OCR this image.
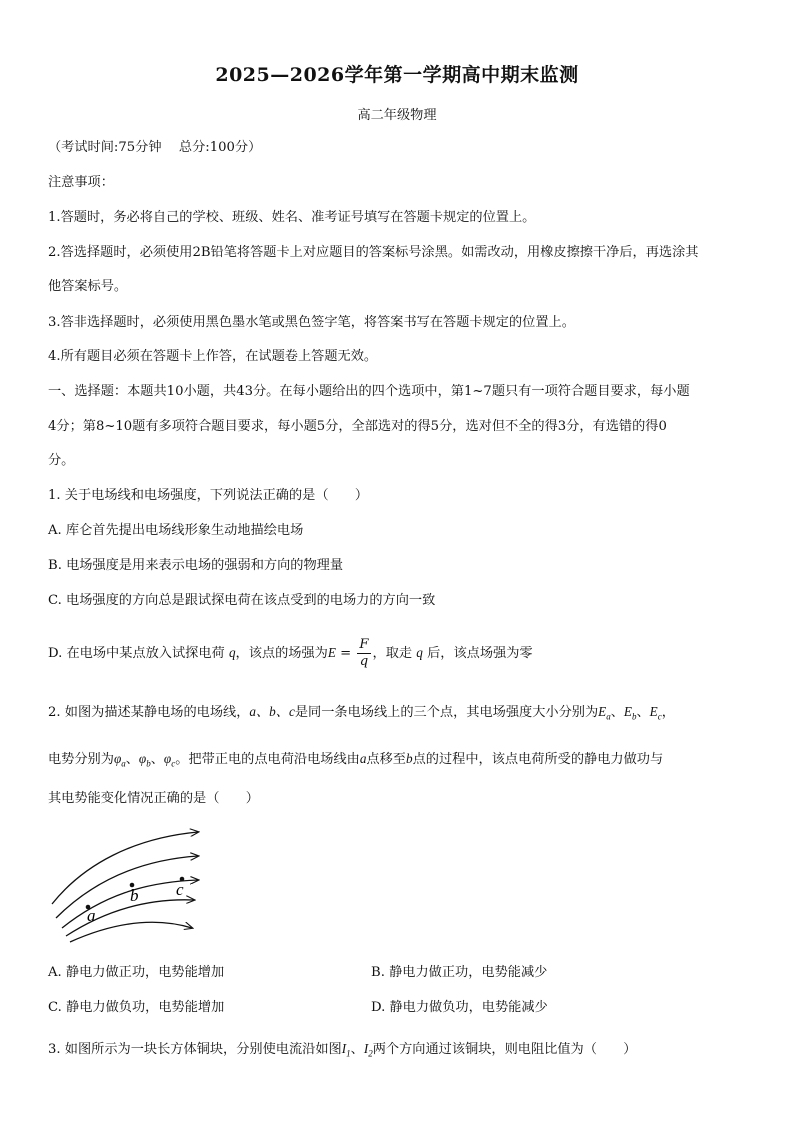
2025—2026学年第一学期高中期末监测
高二年级物理
（考试时间:75分钟　 总分:100分）
注意事项：
1.答题时，务必将自己的学校、班级、姓名、准考证号填写在答题卡规定的位置上。
2.答选择题时，必须使用2B铅笔将答题卡上对应题目的答案标号涂黑。如需改动，用橡皮擦擦干净后，再选涂其
他答案标号。
3.答非选择题时，必须使用黑色墨水笔或黑色签字笔，将答案书写在答题卡规定的位置上。
4.所有题目必须在答题卡上作答，在试题卷上答题无效。
一、选择题：本题共10小题，共43分。在每小题给出的四个选项中，第1~7题只有一项符合题目要求，每小题
4分；第8~10题有多项符合题目要求，每小题5分，全部选对的得5分，选对但不全的得3分，有选错的得0
分。
1. 关于电场线和电场强度，下列说法正确的是（　　）
A. 库仑首先提出电场线形象生动地描绘电场
B. 电场强度是用来表示电场的强弱和方向的物理量
C. 电场强度的方向总是跟试探电荷在该点受到的电场力的方向一致
D. 在电场中某点放入试探电荷 q，该点的场强为$E = \frac{F}{q}$ ，取走 q 后，该点场强为零
2. 如图为描述某静电场的电场线，a、b、c是同一条电场线上的三个点，其电场强度大小分别为$E_a$、$E_b$、$E_c$，
电势分别为$\varphi_a$、$\varphi_b$、$\varphi_c$。把带正电的点电荷沿电场线由a点移至b点的过程中，该点电荷所受的静电力做功与
其电势能变化情况正确的是（　　）
a
b c
A. 静电力做正功，电势能增加	B. 静电力做正功，电势能减少
C. 静电力做负功，电势能增加	D. 静电力做负功，电势能减少
3. 如图所示为一块长方体铜块，分别使电流沿如图$I_1$、$I_2$两个方向通过该铜块，则电阻比值为（　　）
